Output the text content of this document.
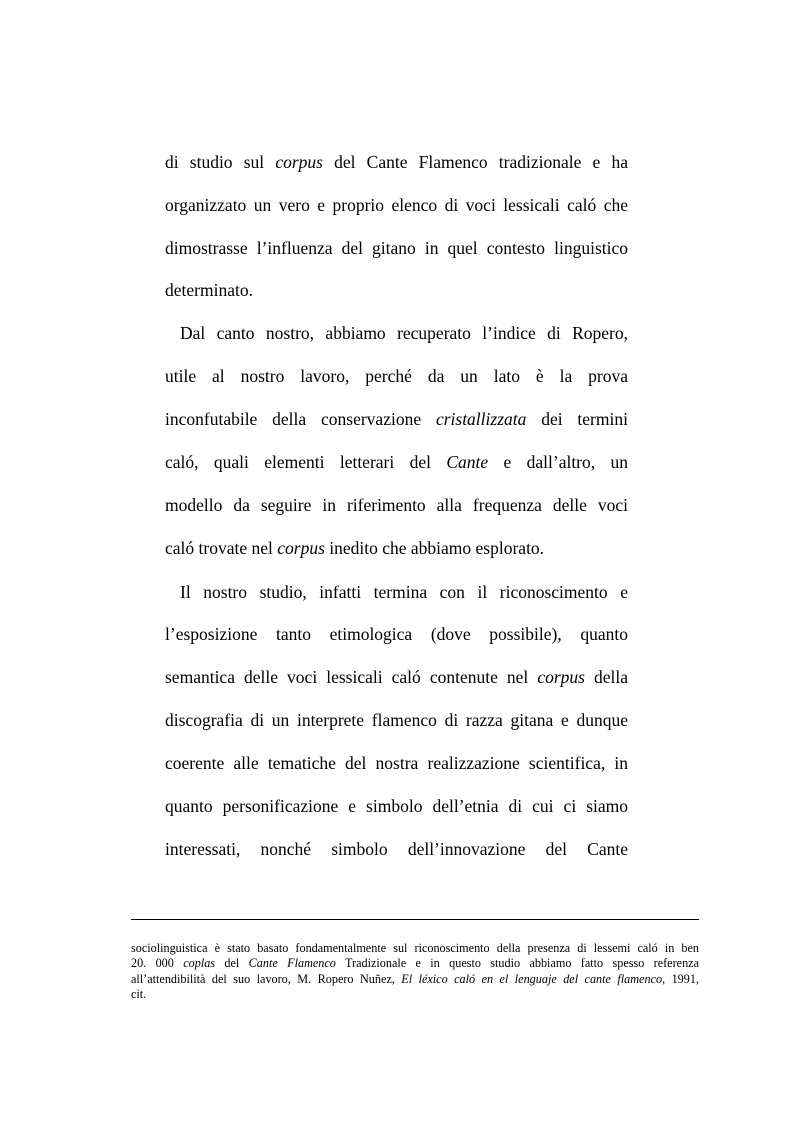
di studio sul corpus del Cante Flamenco tradizionale e ha

organizzato un vero e proprio elenco di voci lessicali caló che

dimostrasse l’influenza del gitano in quel contesto linguistico

determinato.

Dal canto nostro, abbiamo recuperato l’indice di Ropero,

utile al nostro lavoro, perché da un lato è la prova

inconfutabile della conservazione cristallizzata dei termini

caló, quali elementi letterari del Cante e dall’altro, un

modello da seguire in riferimento alla frequenza delle voci

caló trovate nel corpus inedito che abbiamo esplorato.

Il nostro studio, infatti termina con il riconoscimento e

l’esposizione tanto etimologica (dove possibile), quanto

semantica delle voci lessicali caló contenute nel corpus della

discografia di un interprete flamenco di razza gitana e dunque

coerente alle tematiche del nostra realizzazione scientifica, in

quanto personificazione e simbolo dell’etnia di cui ci siamo

interessati, nonché simbolo dell’innovazione del Cante

sociolinguistica è stato basato fondamentalmente sul riconoscimento della presenza di lessemi caló in ben

20. 000 coplas del Cante Flamenco Tradizionale e in questo studio abbiamo fatto spesso referenza

all’attendibilità del suo lavoro, M. Ropero Nuñez, El léxico caló en el lenguaje del cante flamenco, 1991,

cit.
